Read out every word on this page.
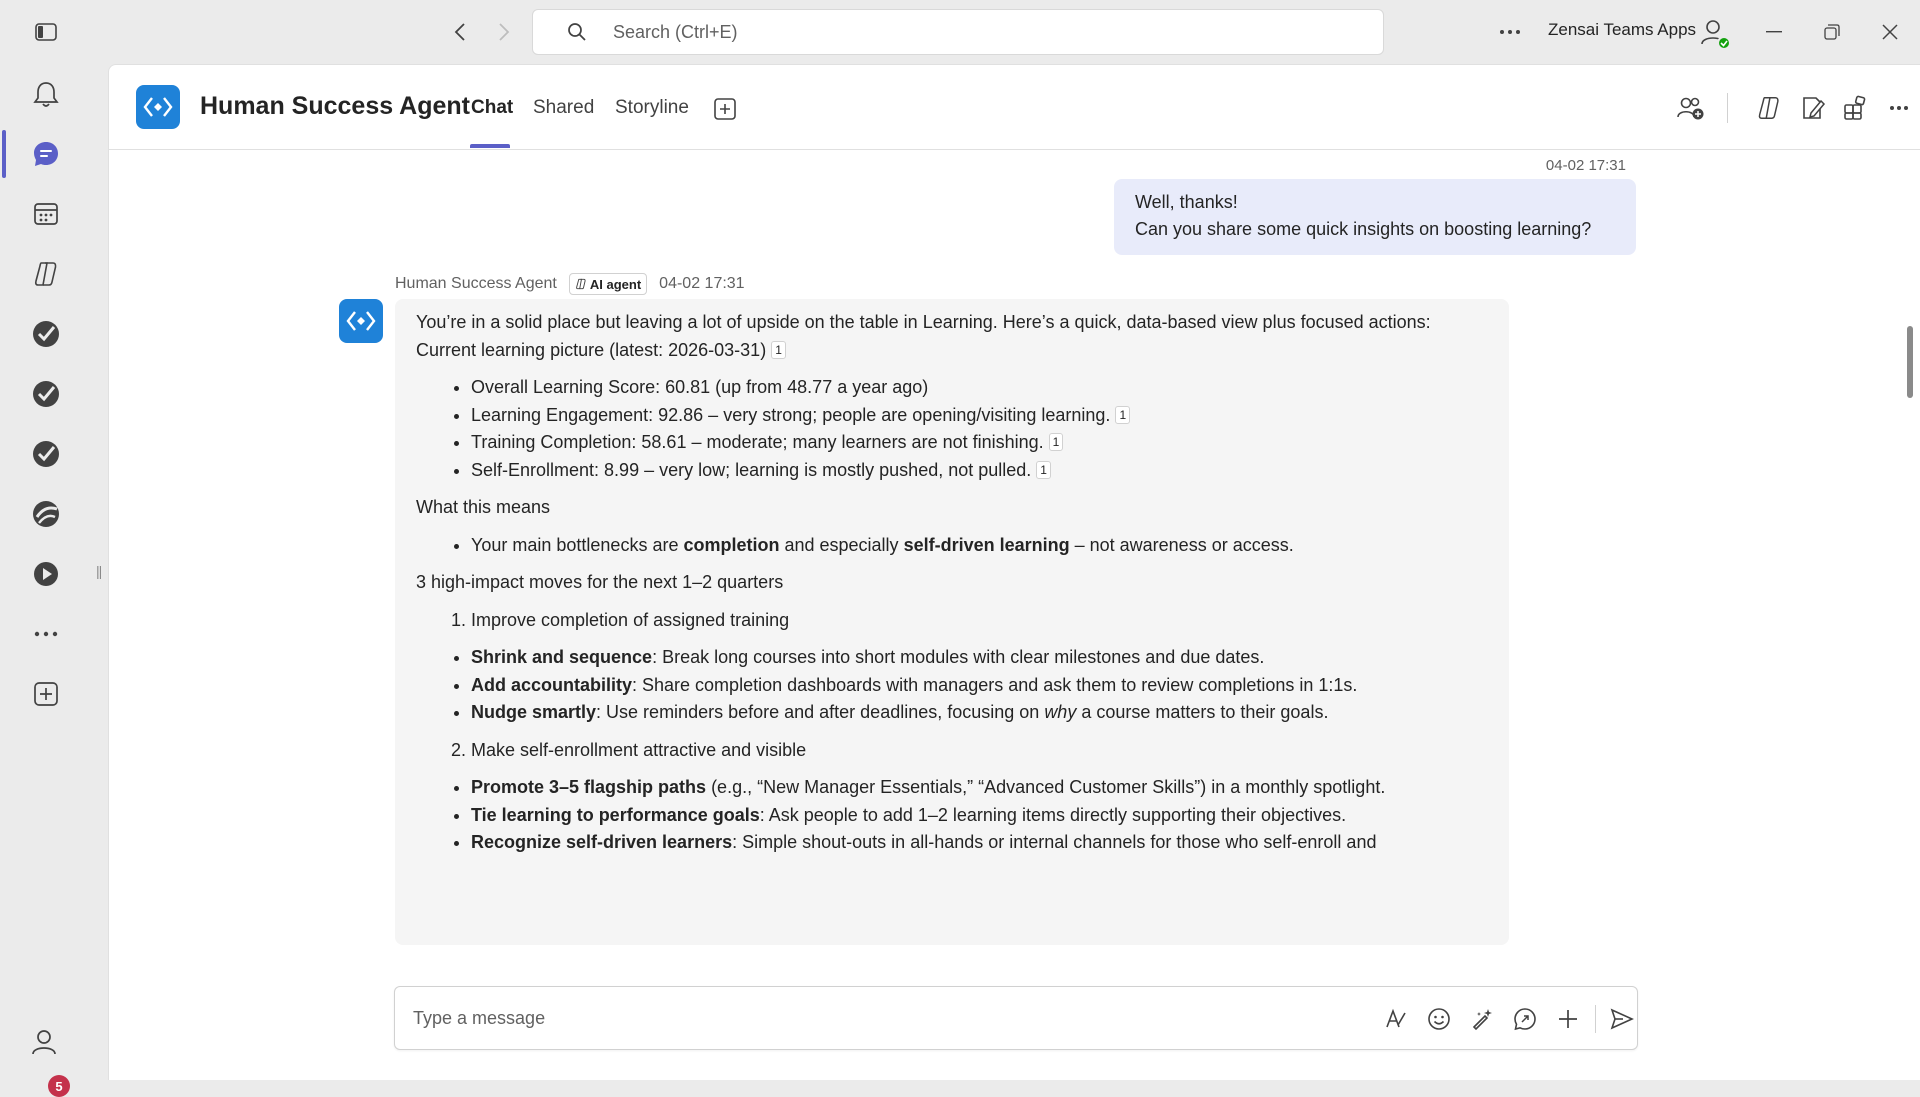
Search (Ctrl+E)	Zensai Teams Apps
5
||
Human Success Agent Chat Shared Storyline
04-02 17:31
Well, thanks!
Can you share some quick insights on boosting learning?
Human Success Agent	AI agent 04-02 17:31

You’re in a solid place but leaving a lot of upside on the table in Learning. Here’s a quick, data-based view plus focused actions:

Current learning picture (latest: 2026-03-31) 1

• Overall Learning Score: 60.81 (up from 48.77 a year ago)
• Learning Engagement: 92.86 – very strong; people are opening/visiting learning. 1
• Training Completion: 58.61 – moderate; many learners are not finishing. 1
• Self-Enrollment: 8.99 – very low; learning is mostly pushed, not pulled. 1

What this means

• Your main bottlenecks are completion and especially self-driven learning – not awareness or access.

3 high-impact moves for the next 1–2 quarters

1. Improve completion of assigned training
• Shrink and sequence: Break long courses into short modules with clear milestones and due dates.
• Add accountability: Share completion dashboards with managers and ask them to review completions in 1:1s.
• Nudge smartly: Use reminders before and after deadlines, focusing on why a course matters to their goals.
2. Make self-enrollment attractive and visible
• Promote 3–5 flagship paths (e.g., “New Manager Essentials,” “Advanced Customer Skills”) in a monthly spotlight.
• Tie learning to performance goals: Ask people to add 1–2 learning items directly supporting their objectives.
• Recognize self-driven learners: Simple shout-outs in all-hands or internal channels for those who self-enroll and
Type a message
